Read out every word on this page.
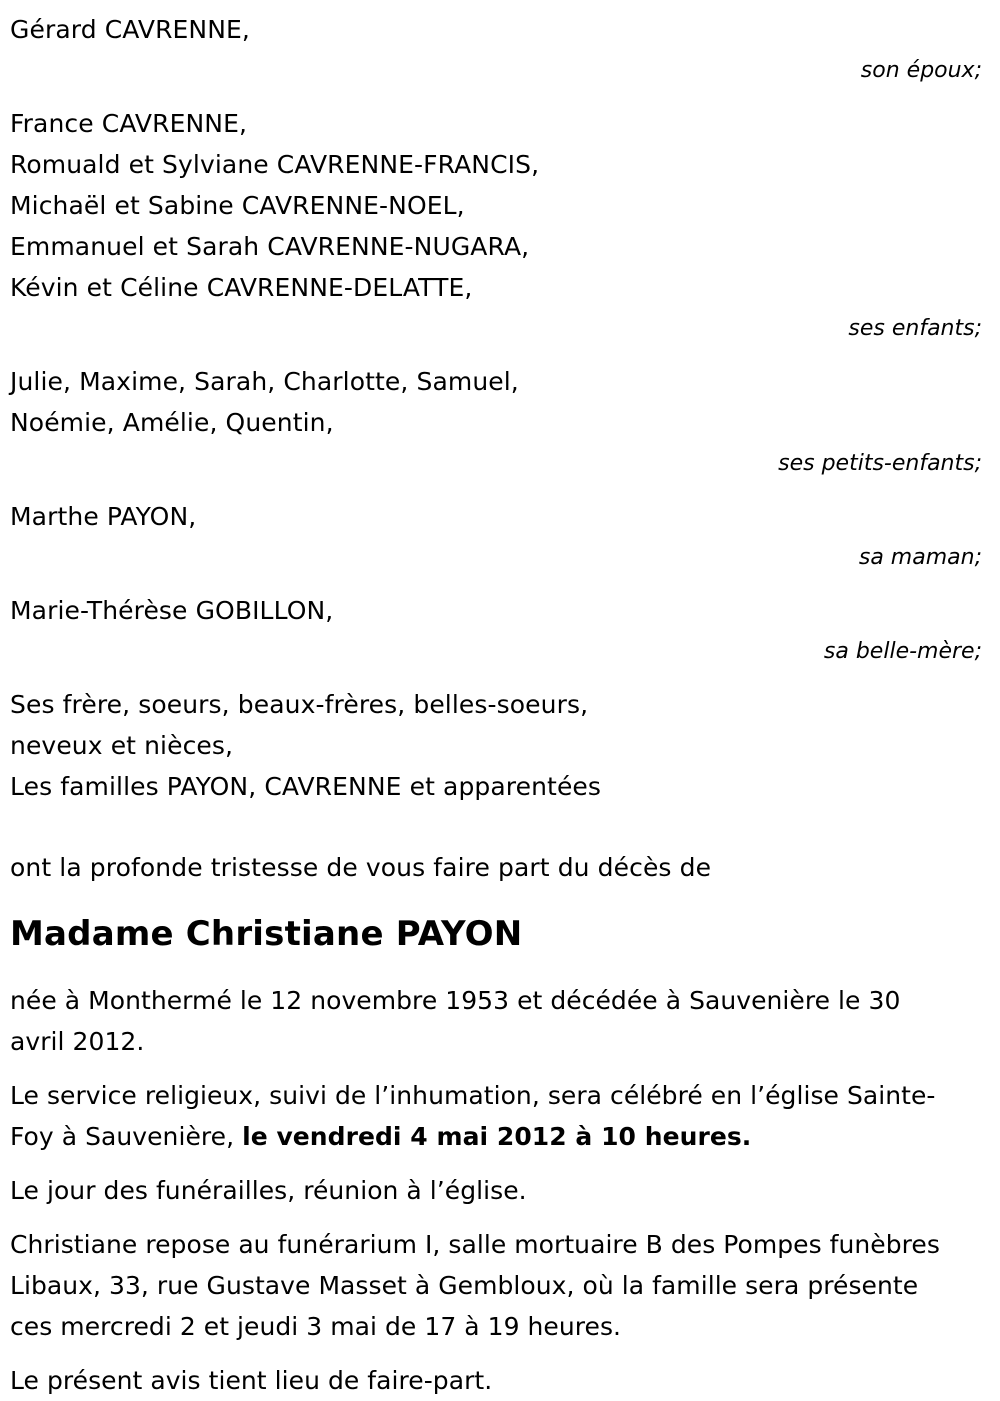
Gérard CAVRENNE,
son époux;
France CAVRENNE,
Romuald et Sylviane CAVRENNE-FRANCIS,
Michaël et Sabine CAVRENNE-NOEL,
Emmanuel et Sarah CAVRENNE-NUGARA,
Kévin et Céline CAVRENNE-DELATTE,
ses enfants;
Julie, Maxime, Sarah, Charlotte, Samuel,
Noémie, Amélie, Quentin,
ses petits-enfants;
Marthe PAYON,
sa maman;
Marie-Thérèse GOBILLON,
sa belle-mère;
Ses frère, soeurs, beaux-frères, belles-soeurs,
neveux et nièces,
Les familles PAYON, CAVRENNE et apparentées
ont la profonde tristesse de vous faire part du décès de
Madame Christiane PAYON
née à Monthermé le 12 novembre 1953 et décédée à Sauvenière le 30 avril 2012.
Le service religieux, suivi de l’inhumation, sera célébré en l’église Sainte-Foy à Sauvenière, le vendredi 4 mai 2012 à 10 heures.
Le jour des funérailles, réunion à l’église.
Christiane repose au funérarium I, salle mortuaire B des Pompes funèbres Libaux, 33, rue Gustave Masset à Gembloux, où la famille sera présente ces mercredi 2 et jeudi 3 mai de 17 à 19 heures.
Le présent avis tient lieu de faire-part.
